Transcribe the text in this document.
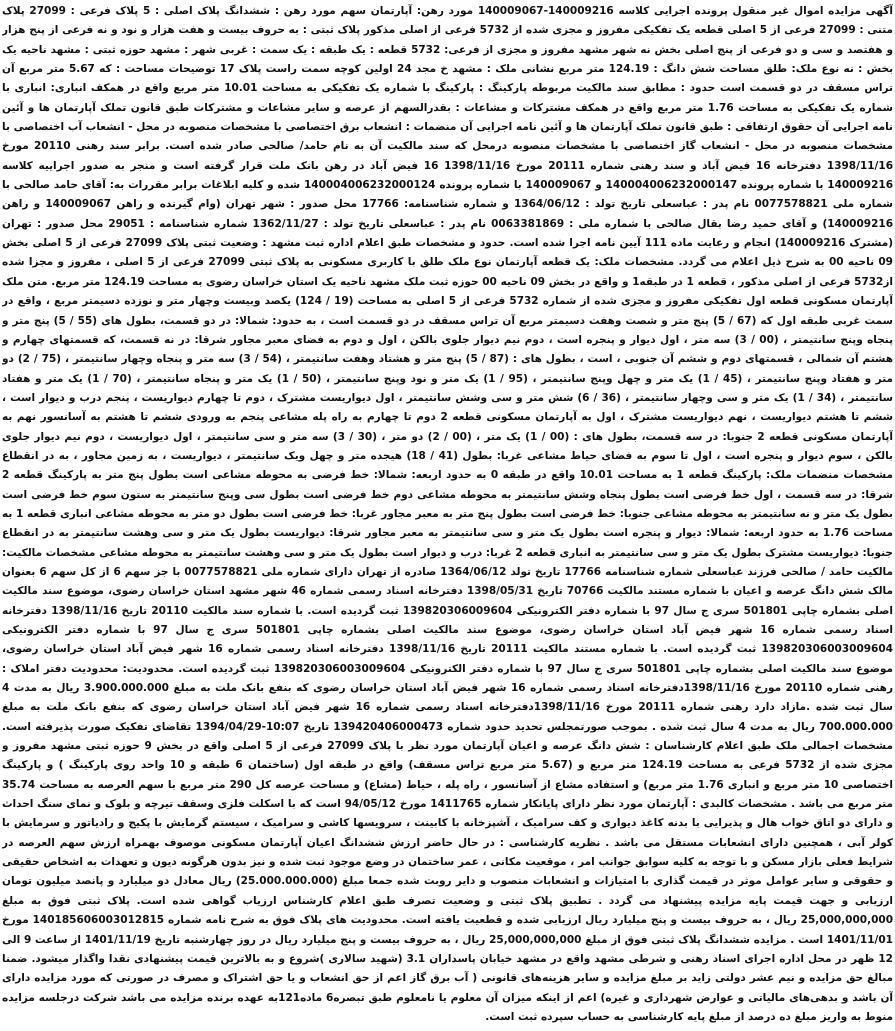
آگهی مزایده اموال غیر منقول پرونده اجرایی کلاسه 140009216-140009067 مورد رهن: آپارتمان سهم مورد رهن : ششدانگ پلاک اصلی : 5 پلاک فرعی : 27099 پلاک متنی : 27099 فرعی از 5 اصلی قطعه یک تفکیکی مفروز و مجزی شده از 5732 فرعی از اصلی مذکور پلاک ثبتی : به حروف بیست و هفت هزار و نود و نه فرعی از پنج هزار و هفتصد و سی و دو فرعی از پنج اصلی بخش نه شهر مشهد مفروز و مجزی از فرعی: 5732 قطعه : یک طبقه : یک سمت : غربی شهر : مشهد حوزه ثبتی : مشهد ناحیه یک بخش : نه نوع ملک: طلق مساحت شش دانگ : 124.19 متر مربع نشانی ملک : مشهد خ مجد 24 اولین کوچه سمت راست پلاک 17 توضیحات مساحت : که 5.67 متر مربع آن تراس مسقف در دو قسمت است حدود : مطابق سند مالکیت مربوطه پارکینگ : پارکینگ با شماره یک تفکیکی به مساحت 10.01 متر مربع واقع در همکف انباری: انباری با شماره یک تفکیکی به مساحت 1.76 متر مربع واقع در همکف مشترکات و مشاعات : بقدرالسهم از عرصه و سایر مشاعات و مشترکات طبق قانون تملک آپارتمان ها و آئین نامه اجرایی آن حقوق ارتفاقی : طبق قانون تملک آپارتمان ها و آئین نامه اجرایی آن منضمات : انشعاب برق اختصاصی با مشخصات منصوبه در محل - انشعاب آب اختصاصی با مشخصات منصوبه در محل - انشعاب گاز اختصاصی با مشخصات منصوبه درمحل که سند مالکیت آن به نام حامد/ صالحی صادر شده است. برابر سند رهنی 20110 مورخ 1398/11/16 دفترخانه 16 فیض آباد و سند رهنی شماره 20111 مورخ 1398/11/16 16 فیض آباد در رهن بانک ملت قرار گرفته است و منجر به صدور اجراییه کلاسه 140009216 با شماره پرونده 140004006232000147 و 140009067 با شماره پرونده 140004006232000124 شده و کلیه ابلاغات برابر مقررات به: آقای حامد صالحی با شماره ملی 0077578821 نام پدر : عباسعلی تاریخ تولد : 1364/06/12 و شماره شناسنامه: 17766 محل صدور : شهر تهران (وام گیرنده و راهن 140009067 و راهن 140009216) و آقای حمید رضا بقال صالحی با شماره ملی : 0063381869 نام پدر : عباسعلی تاریخ تولد : 1362/11/27 شماره شناسنامه : 29051 محل صدور : تهران (مشترک 140009216) انجام و رعایت ماده 111 آیین نامه اجرا شده است. حدود و مشخصات طبق اعلام اداره ثبت مشهد : وضعیت ثبتی پلاک 27099 فرعی از 5 اصلی بخش 09 ناحیه 00 به شرح ذیل اعلام می گردد. مشخصات ملک: یک قطعه آپارتمان نوع ملک طلق با کاربری مسکونی به پلاک ثبتی 27099 فرعی از 5 اصلی ، مفروز و مجزا شده از5732 فرعی از اصلی مذکور ، قطعه 1 در طبقه1 و واقع در بخش 09 ناحیه 00 حوزه ثبت ملک مشهد ناحیه یک استان خراسان رضوی به مساحت 124.19 متر مربع. متن ملک آپارتمان مسکونی قطعه اول تفکیکی مفروز و مجزی شده از شماره 5732 فرعی از 5 اصلی به مساحت (19 / 124) یکصد وبیست وچهار متر و نوزده دسیمتر مربع ، واقع در سمت غربی طبقه اول که (67 / 5) پنج متر و شصت وهفت دسیمتر مربع آن تراس مسقف در دو قسمت است ، به حدود: شمالا: در دو قسمت، بطول های (55 / 5) پنج متر و پنجاه وپنج سانتیمتر ، (00 / 3) سه متر ، اول دیوار و پنجره است ، دوم نیم دیوار جلوی بالکن ، اول و دوم به فضای معبر مجاور شرقا: در نه قسمت، که قسمتهای چهارم و هشتم آن شمالی ، قسمتهای دوم و ششم آن جنوبی ، است ، بطول های : (87 / 5) پنج متر و هشتاد وهفت سانتیمتر ، (54 / 3) سه متر و پنجاه وچهار سانتیمتر ، (75 / 2) دو متر و هفتاد وپنج سانتیمتر ، (45 / 1) یک متر و چهل وپنج سانتیمتر ، (95 / 1) یک متر و نود وپنج سانتیمتر ، (50 / 1) یک متر و پنجاه سانتیمتر ، (70 / 1) یک متر و هفتاد سانتیمتر ، (34 / 1) یک متر و سی وچهار سانتیمتر ، (36 / 6) شش متر و سی وشش سانتیمتر ، اول دیواریست مشترک ، دوم تا چهارم دیواریست ، پنجم درب و دیوار است ، ششم تا هشتم دیواریست ، نهم دیواریست مشترک ، اول به آپارتمان مسکونی قطعه 2 دوم تا چهارم به راه پله مشاعی پنجم به ورودی ششم تا هشتم به آسانسور نهم به آپارتمان مسکونی قطعه 2 جنوبا: در سه قسمت، بطول های : (00 / 1) یک متر ، (00 / 2) دو متر ، (30 / 3) سه متر و سی سانتیمتر ، اول دیواریست ، دوم نیم دیوار جلوی بالکن ، سوم دیوار و پنجره است ، اول تا سوم به فضای حیاط مشاعی غربا: بطول (41 / 18) هیجده متر و چهل ویک سانتیمتر ، دیواریست ، به زمین مجاور ، به در انقطاع مشخصات منضمات ملک: پارکینگ قطعه 1 به مساحت 10.01 واقع در طبقه 0 به حدود اربعه: شمالا: خط فرضی به محوطه مشاعی است بطول پنج متر به پارکینگ قطعه 2 شرقا: در سه قسمت ، اول خط فرضی است بطول پنجاه وشش سانتیمتر به محوطه مشاعی دوم خط فرضی است بطول سی وپنج سانتیمتر به ستون سوم خط فرضی است بطول یک متر و نه سانتیمتر به محوطه مشاعی جنوبا: خط فرضی است بطول پنج متر به معبر مجاور غربا: خط فرضی است بطول دو متر به محوطه مشاعی انباری قطعه 1 به مساحت 1.76 به حدود اربعه: شمالا: دیوار و پنجره است بطول یک متر و سی سانتیمتر به معبر مجاور شرقا: دیواریست بطول یک متر و سی وهشت سانتیمتر به در انقطاع جنوبا: دیواریست مشترک بطول یک متر و سی سانتیمتر به انباری قطعه 2 غربا: درب و دیوار است بطول یک متر و سی وهشت سانتیمتر به محوطه مشاعی مشخصات مالکیت: مالکیت حامد / صالحی فرزند عباسعلی شماره شناسنامه 17766 تاریخ تولد 1364/06/12 صادره از تهران دارای شماره ملی 0077578821 با جز سهم 6 از کل سهم 6 بعنوان مالک شش دانگ عرصه و اعیان با شماره مستند مالکیت 70766 تاریخ 1398/05/31 دفترخانه اسناد رسمی شماره 46 شهر مشهد استان خراسان رضوی، موضوع سند مالکیت اصلی بشماره چاپی 501801 سری ج سال 97 با شماره دفتر الکترونیکی 139820306009604 ثبت گردیده است. با شماره سند مالکیت 20110 تاریخ 1398/11/16 دفترخانه اسناد رسمی شماره 16 شهر فیض آباد استان خراسان رضوی، موضوع سند مالکیت اصلی بشماره چاپی 501801 سری ج سال 97 با شماره دفتر الکترونیکی 139820306003009604 ثبت گردیده است. با شماره مستند مالکیت 20111 تاریخ 1398/11/16 دفترخانه اسناد رسمی شماره 16 شهر فیض آباد استان خراسان رضوی، موضوع سند مالکیت اصلی بشماره چاپی 501801 سری ج سال 97 با شماره دفتر الکترونیکی 139820306003009604 ثبت گردیده است. محدودیت: محدودیت دفتر املاک : رهنی شماره 20110 مورخ 1398/11/16دفترخانه اسناد رسمی شماره 16 شهر فیض آباد استان خراسان رضوی که بنفع بانک ملت به مبلغ 3.900.000.000 ریال به مدت 4 سال ثبت شده .مازاد دارد رهنی شماره 20111 مورخ 1398/11/16دفترخانه اسناد رسمی شماره 16 شهر فیض آباد استان خراسان رضوی که بنفع بانک ملت به مبلغ 700.000.000 ریال به مدت 4 سال ثبت شده . بموجب صورتمجلس تحدید حدود شماره 139420406000473 تاریخ 10:07-1394/04/29 تقاضای تفکیک صورت پذیرفته است. مشخصات اجمالی ملک طبق اعلام کارشناسان : شش دانگ عرصه و اعیان آپارتمان مورد نظر با پلاک 27099 فرعی از 5 اصلی واقع در بخش 9 حوزه ثبتی مشهد مفروز و مجزی شده از 5732 فرعی به مساحت 124.19 متر مربع و (5.67 متر مربع تراس مسقف) واقع در طبقه اول (ساختمان 6 طبقه و 10 واحد روی پارکینگ ) و پارکینگ اختصاصی 10 متر مربع و انباری 1.76 متر مربع) و استفاده مشاع از آسانسور ، راه پله ، حیاط (مشاع) و مساحت عرصه کل 290 متر مربع با سهم العرصه به مساحت 35.74 متر مربع می باشد . مشخصات کالبدی : آپارتمان مورد نظر دارای پایانکار شماره 1411765 مورخ 94/05/12 است که با اسکلت فلزی وسقف تیرچه و بلوک و نمای سنگ احداث و دارای دو اتاق خواب هال و پذیرایی با بدنه کاغذ دیواری و کف سرامیک ، آشپزخانه با کابینت ، سرویسها کاشی و سرامیک ، سیستم گرمایش با پکیج و رادیاتور و سرمایش با کولر آبی ، همچنین دارای انشعابات مستقل می باشد . نظریه کارشناسی : در حال حاضر ارزش ششدانگ اعیان آپارتمان مسکونی موصوف بهمراه ارزش سهم العرصه در شرایط فعلی بازار مسکن و با توجه به کلیه سوابق جوانب امر ، موقعیت مکانی ، عمر ساختمان در وضع موجود ثبت شده و نیز بدون هرگونه دیون و تعهدات به اشخاص حقیقی و حقوقی و سایر عوامل موثر در قیمت گذاری با امتیازات و انشعابات منصوب و دایر روبت شده جمعا مبلغ (25.000.000.000) ریال معادل دو میلیارد و پانصد میلیون تومان ارزیابی و جهت قیمت پایه مزایده پیشنهاد می گردد . تطبیق پلاک ثبتی و وضعیت تصرف طبق اعلام کارشناس ارزیاب گواهی شده است. پلاک ثبتی فوق به مبلغ 25,000,000,000 ریال ، به حروف بیست و پنج میلیارد ریال ارزیابی شده و قطعیت یافته است. محدودیت های پلاک فوق به شرح نامه شماره 140185606003012815 مورخ 1401/11/01 است . مزایده ششدانگ پلاک ثبتی فوق از مبلغ 25,000,000,000 ریال ، به حروف بیست و پنج میلیارد ریال در روز چهارشنبه تاریخ 1401/11/19 از ساعت 9 الی 12 ظهر در محل اداره اجرای اسناد رهنی و شرطی مشهد واقع در مشهد خیابان پاسداران 3.1 (شهید سالاری )شروع و به بالاترین قیمت پیشنهادی نقدا واگذار میشود. ضمنا مبالغ حق مزایده و نیم عشر دولتی زاید بر مبلغ مزایده و سایر هزینه‌های قانونی ( آب برق گاز اعم از حق انشعاب و یا حق اشتراک و مصرف در صورتی که مورد مزایده دارای آن باشد و بدهی‌های مالیاتی و عوارض شهرداری و غیره) اعم از اینکه میزان آن معلوم یا نامعلوم طبق تبصره6 ماده121به عهده برنده مزایده می باشد شرکت درجلسه مزایده منوط به واریز مبلغ ده درصد از مبلغ پایه کارشناسی به حساب سپرده ثبت است.
